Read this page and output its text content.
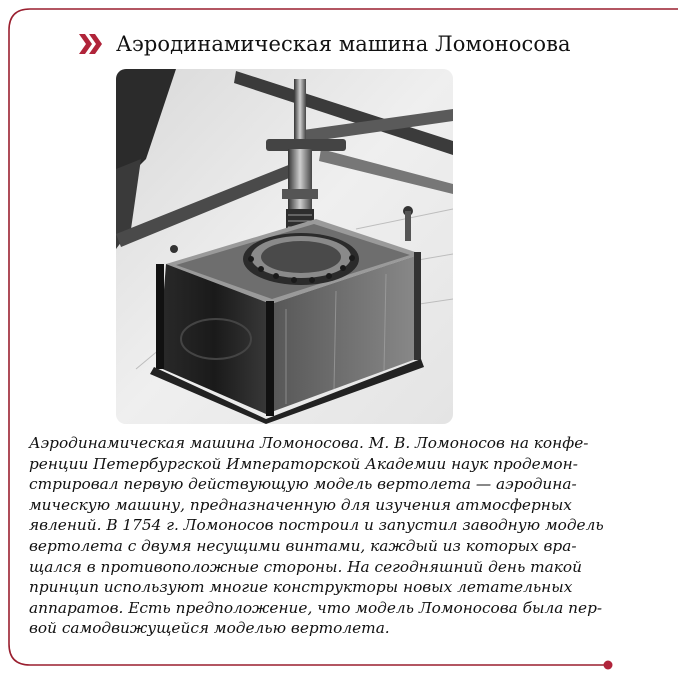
Аэродинамическая машина Ломоносова

Аэродинамическая машина Ломоносова. М. В. Ломоносов на конфе-
ренции Петербургской Императорской Академии наук продемон-
стрировал первую действующую модель вертолета — аэродина-
мическую машину, предназначенную для изучения атмосферных
явлений. В 1754 г. Ломоносов построил и запустил заводную модель
вертолета с двумя несущими винтами, каждый из которых вра-
щался в противоположные стороны. На сегодняшний день такой
принцип используют многие конструкторы новых летательных
аппаратов. Есть предположение, что модель Ломоносова была пер-
вой самодвижущейся моделью вертолета.
